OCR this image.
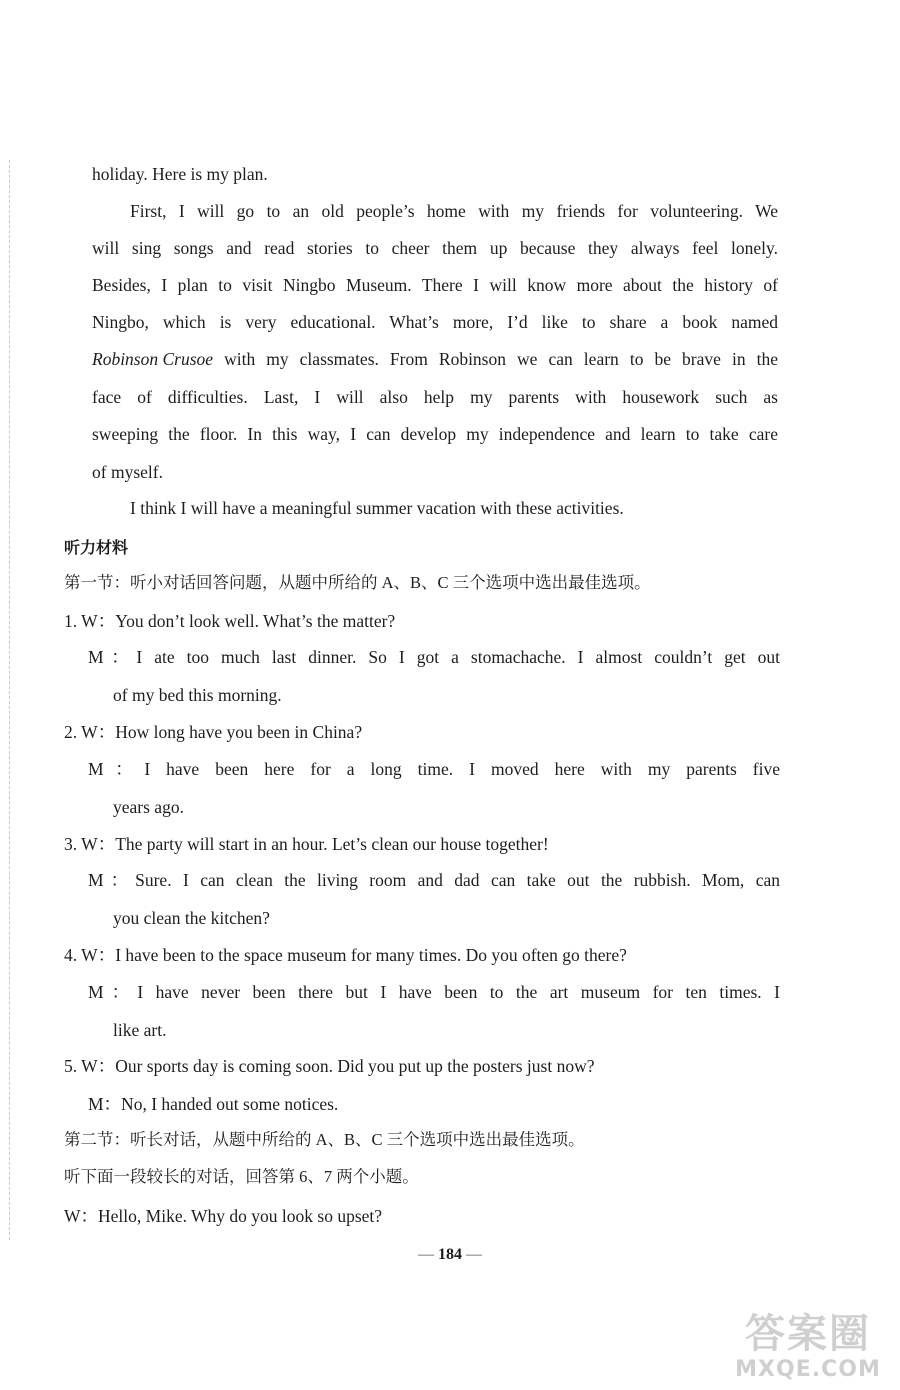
holiday. Here is my plan.
First, I will go to an old people’s home with my friends for volunteering. We
will sing songs and read stories to cheer them up because they always feel lonely.
Besides, I plan to visit Ningbo Museum. There I will know more about the history of
Ningbo, which is very educational. What’s more, I’d like to share a book named
Robinson Crusoe with my classmates. From Robinson we can learn to be brave in the
face of difficulties. Last, I will also help my parents with housework such as
sweeping the floor. In this way, I can develop my independence and learn to take care
of myself.
I think I will have a meaningful summer vacation with these activities.
听力材料
第一节：听小对话回答问题，从题中所给的 A、B、C 三个选项中选出最佳选项。
1. W：You don’t look well. What’s the matter?
M：I ate too much last dinner. So I got a stomachache. I almost couldn’t get out
of my bed this morning.
2. W：How long have you been in China?
M：I have been here for a long time. I moved here with my parents five
years ago.
3. W：The party will start in an hour. Let’s clean our house together!
M：Sure. I can clean the living room and dad can take out the rubbish. Mom, can
you clean the kitchen?
4. W：I have been to the space museum for many times. Do you often go there?
M：I have never been there but I have been to the art museum for ten times. I
like art.
5. W：Our sports day is coming soon. Did you put up the posters just now?
M：No, I handed out some notices.
第二节：听长对话，从题中所给的 A、B、C 三个选项中选出最佳选项。
听下面一段较长的对话，回答第 6、7 两个小题。
W：Hello, Mike. Why do you look so upset?
— 184 —
答案圈
MXQE.COM
